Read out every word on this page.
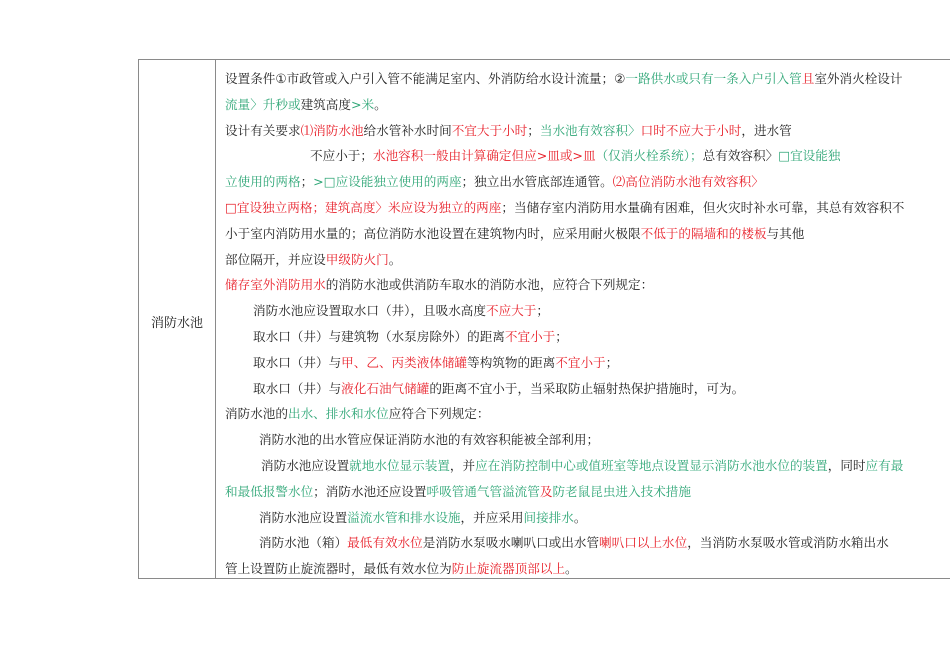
消防水池
设置条件①市政管或入户引入管不能满足室内、外消防给水设计流量；②一路供水或只有一条入户引入管且室外消火栓设计
流量〉升秒或建筑高度>米。
设计有关要求⑴消防水池给水管补水时间不宜大于小时；当水池有效容积〉口时不应大于小时，进水管
不应小于；水池容积一般由计算确定但应>皿或>皿（仅消火栓系统）；总有效容积〉□宜设能独
立使用的两格；>□应设能独立使用的两座；独立出水管底部连通管。⑵高位消防水池有效容积〉
□宜设独立两格；建筑高度〉米应设为独立的两座；当储存室内消防用水量确有困难，但火灾时补水可靠，其总有效容积不
小于室内消防用水量的；高位消防水池设置在建筑物内时，应采用耐火极限不低于的隔墙和的楼板与其他
部位隔开，并应设甲级防火门。
储存室外消防用水的消防水池或供消防车取水的消防水池，应符合下列规定：
消防水池应设置取水口（井），且吸水高度不应大于；
取水口（井）与建筑物（水泵房除外）的距离不宜小于；
取水口（井）与甲、乙、丙类液体储罐等构筑物的距离不宜小于；
取水口（井）与液化石油气储罐的距离不宜小于，当采取防止辐射热保护措施时，可为。
消防水池的出水、排水和水位应符合下列规定：
消防水池的出水管应保证消防水池的有效容积能被全部利用；
消防水池应设置就地水位显示装置，并应在消防控制中心或值班室等地点设置显示消防水池水位的装置，同时应有最
和最低报警水位；消防水池还应设置呼吸管通气管溢流管及防老鼠昆虫进入技术措施
消防水池应设置溢流水管和排水设施，并应采用间接排水。
消防水池（箱）最低有效水位是消防水泵吸水喇叭口或出水管喇叭口以上水位，当消防水泵吸水管或消防水箱出水
管上设置防止旋流器时，最低有效水位为防止旋流器顶部以上。
